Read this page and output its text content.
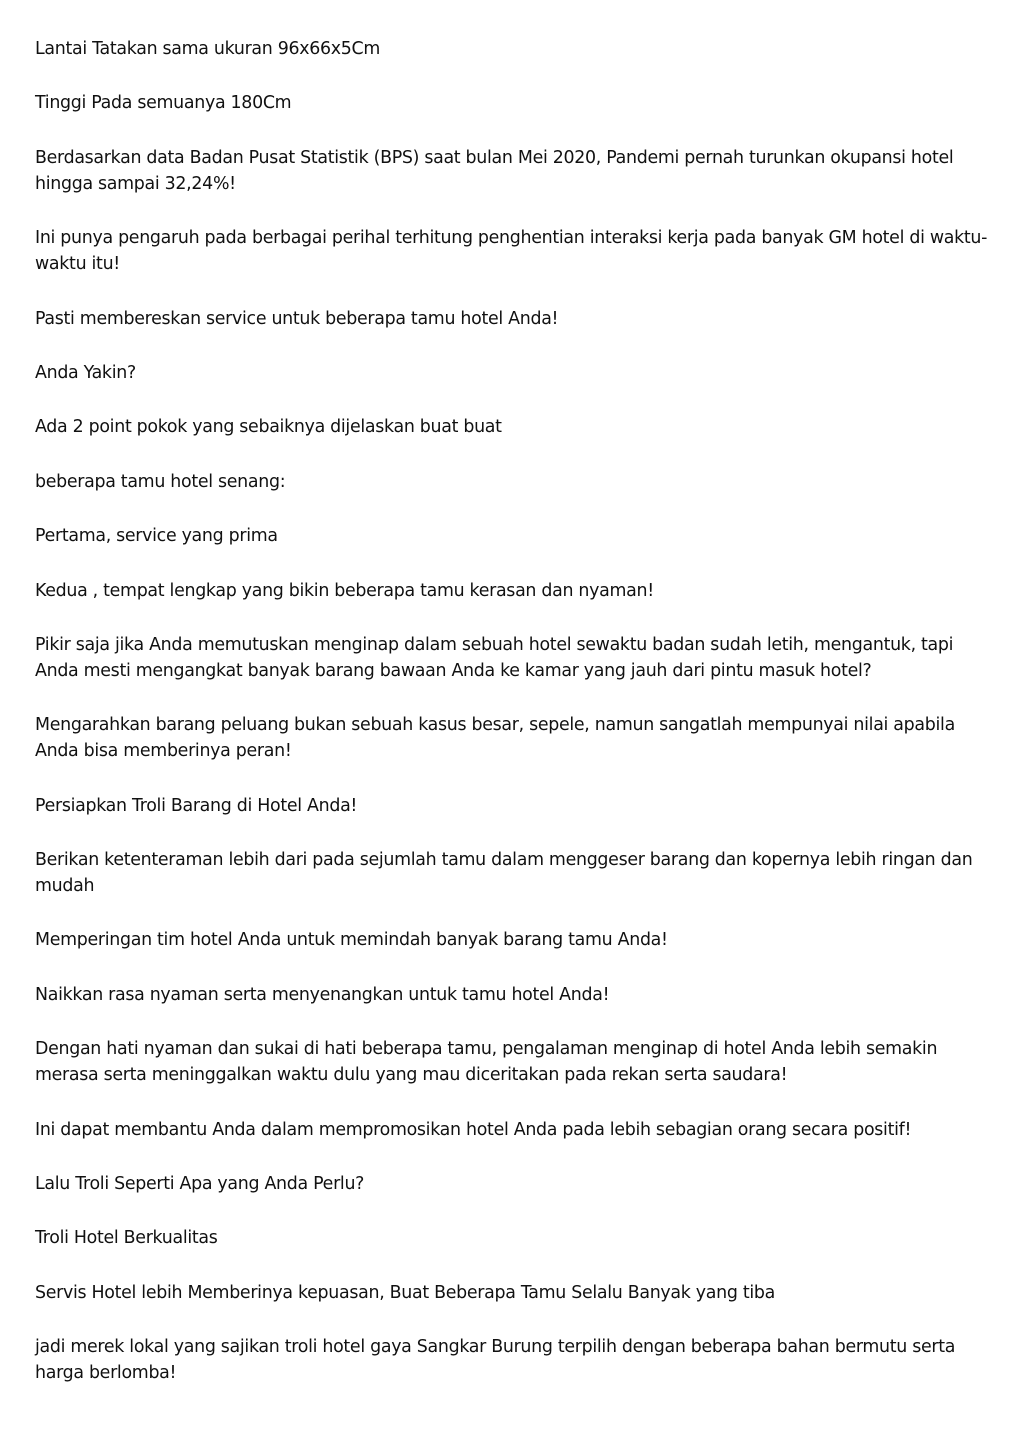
Lantai Tatakan sama ukuran 96x66x5Cm

Tinggi Pada semuanya 180Cm

Berdasarkan data Badan Pusat Statistik (BPS) saat bulan Mei 2020, Pandemi pernah turunkan okupansi hotel hingga sampai 32,24%!

Ini punya pengaruh pada berbagai perihal terhitung penghentian interaksi kerja pada banyak GM hotel di waktu-waktu itu!

Pasti membereskan service untuk beberapa tamu hotel Anda!

Anda Yakin?

Ada 2 point pokok yang sebaiknya dijelaskan buat buat

beberapa tamu hotel senang:

Pertama, service yang prima

Kedua , tempat lengkap yang bikin beberapa tamu kerasan dan nyaman!

Pikir saja jika Anda memutuskan menginap dalam sebuah hotel sewaktu badan sudah letih, mengantuk, tapi Anda mesti mengangkat banyak barang bawaan Anda ke kamar yang jauh dari pintu masuk hotel?

Mengarahkan barang peluang bukan sebuah kasus besar, sepele, namun sangatlah mempunyai nilai apabila Anda bisa memberinya peran!

Persiapkan Troli Barang di Hotel Anda!

Berikan ketenteraman lebih dari pada sejumlah tamu dalam menggeser barang dan kopernya lebih ringan dan mudah

Memperingan tim hotel Anda untuk memindah banyak barang tamu Anda!

Naikkan rasa nyaman serta menyenangkan untuk tamu hotel Anda!

Dengan hati nyaman dan sukai di hati beberapa tamu, pengalaman menginap di hotel Anda lebih semakin merasa serta meninggalkan waktu dulu yang mau diceritakan pada rekan serta saudara!

Ini dapat membantu Anda dalam mempromosikan hotel Anda pada lebih sebagian orang secara positif!

Lalu Troli Seperti Apa yang Anda Perlu?

Troli Hotel Berkualitas

Servis Hotel lebih Memberinya kepuasan, Buat Beberapa Tamu Selalu Banyak yang tiba

jadi merek lokal yang sajikan troli hotel gaya Sangkar Burung terpilih dengan beberapa bahan bermutu serta harga berlomba!
